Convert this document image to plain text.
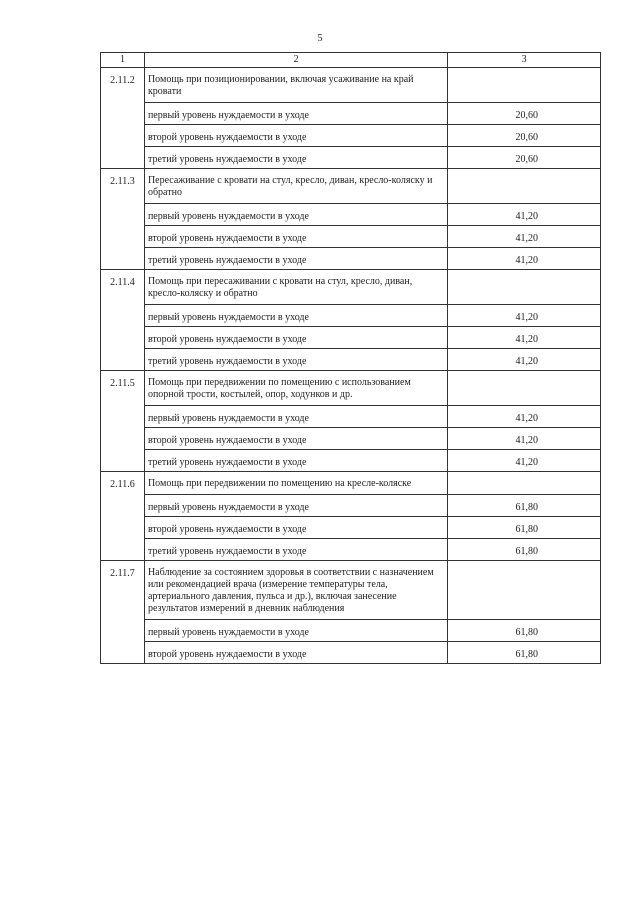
5
1	2	3
2.11.2	Помощь при позиционировании, включая усаживание на край кровати	
	первый уровень нуждаемости в уходе	20,60
	второй уровень нуждаемости в уходе	20,60
	третий уровень нуждаемости в уходе	20,60
2.11.3	Пересаживание с кровати на стул, кресло, диван, кресло-коляску и обратно	
	первый уровень нуждаемости в уходе	41,20
	второй уровень нуждаемости в уходе	41,20
	третий уровень нуждаемости в уходе	41,20
2.11.4	Помощь при пересаживании с кровати на стул, кресло, диван, кресло-коляску и обратно	
	первый уровень нуждаемости в уходе	41,20
	второй уровень нуждаемости в уходе	41,20
	третий уровень нуждаемости в уходе	41,20
2.11.5	Помощь при передвижении по помещению с использованием опорной трости, костылей, опор, ходунков и др.	
	первый уровень нуждаемости в уходе	41,20
	второй уровень нуждаемости в уходе	41,20
	третий уровень нуждаемости в уходе	41,20
2.11.6	Помощь при передвижении по помещению на кресле-коляске	
	первый уровень нуждаемости в уходе	61,80
	второй уровень нуждаемости в уходе	61,80
	третий уровень нуждаемости в уходе	61,80
2.11.7	Наблюдение за состоянием здоровья в соответствии с назначением или рекомендацией врача (измерение температуры тела, артериального давления, пульса и др.), включая занесение результатов измерений в дневник наблюдения	
	первый уровень нуждаемости в уходе	61,80
	второй уровень нуждаемости в уходе	61,80
